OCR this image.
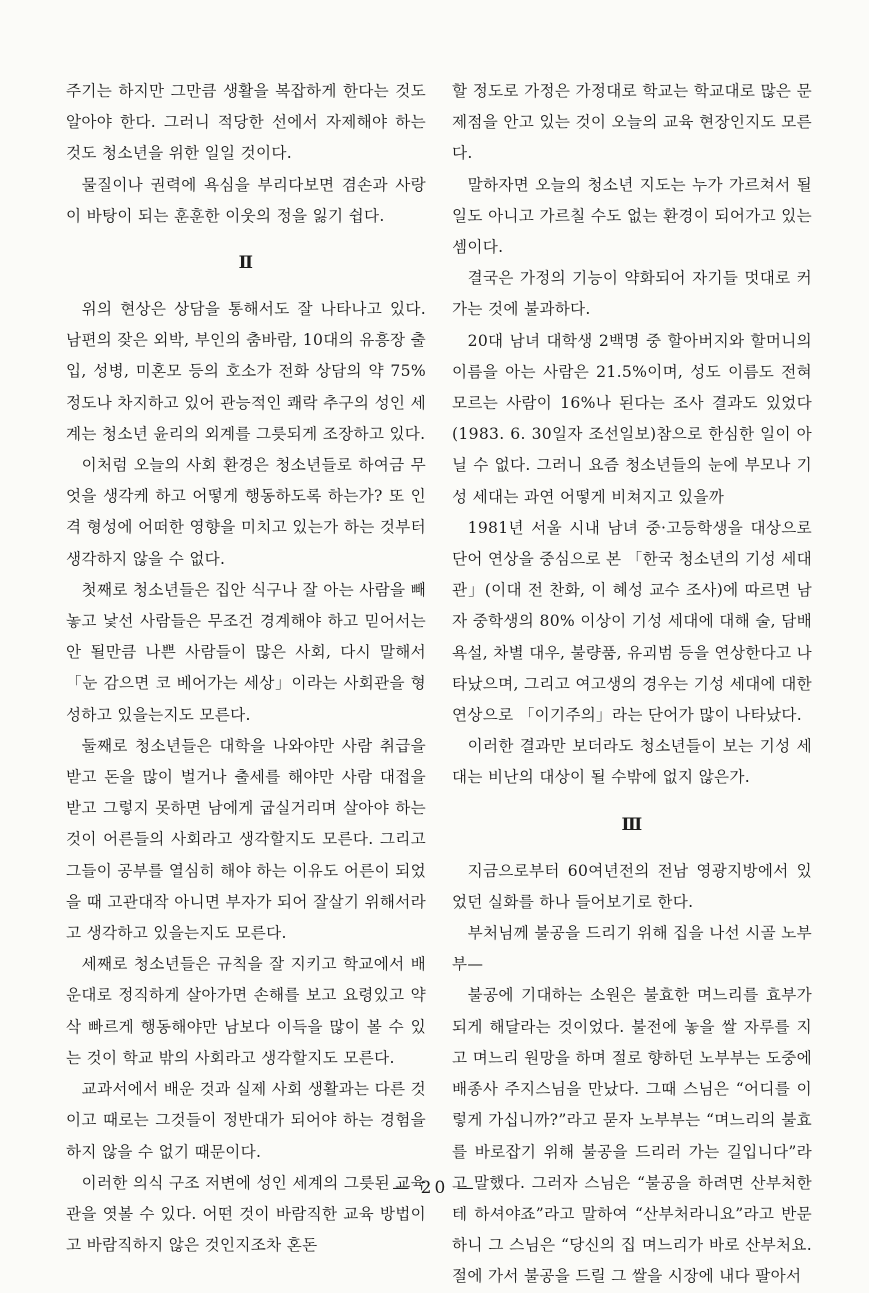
주기는 하지만 그만큼 생활을 복잡하게 한다는 것도 알아야 한다. 그러니 적당한 선에서 자제해야 하는 것도 청소년을 위한 일일 것이다.

물질이나 권력에 욕심을 부리다보면 겸손과 사랑이 바탕이 되는 훈훈한 이웃의 정을 잃기 쉽다.

Ⅱ

위의 현상은 상담을 통해서도 잘 나타나고 있다. 남편의 잦은 외박, 부인의 춤바람, 10대의 유흥장 출입, 성병, 미혼모 등의 호소가 전화 상담의 약 75% 정도나 차지하고 있어 관능적인 쾌락 추구의 성인 세계는 청소년 윤리의 외계를 그릇되게 조장하고 있다.

이처럼 오늘의 사회 환경은 청소년들로 하여금 무엇을 생각케 하고 어떻게 행동하도록 하는가? 또 인격 형성에 어떠한 영향을 미치고 있는가 하는 것부터 생각하지 않을 수 없다.

첫째로 청소년들은 집안 식구나 잘 아는 사람을 빼놓고 낯선 사람들은 무조건 경계해야 하고 믿어서는 안 될만큼 나쁜 사람들이 많은 사회, 다시 말해서 「눈 감으면 코 베어가는 세상」이라는 사회관을 형성하고 있을는지도 모른다.

둘째로 청소년들은 대학을 나와야만 사람 취급을 받고 돈을 많이 벌거나 출세를 해야만 사람 대접을 받고 그렇지 못하면 남에게 굽실거리며 살아야 하는 것이 어른들의 사회라고 생각할지도 모른다. 그리고 그들이 공부를 열심히 해야 하는 이유도 어른이 되었을 때 고관대작 아니면 부자가 되어 잘살기 위해서라고 생각하고 있을는지도 모른다.

세째로 청소년들은 규칙을 잘 지키고 학교에서 배운대로 정직하게 살아가면 손해를 보고 요령있고 약삭 빠르게 행동해야만 남보다 이득을 많이 볼 수 있는 것이 학교 밖의 사회라고 생각할지도 모른다.

교과서에서 배운 것과 실제 사회 생활과는 다른 것이고 때로는 그것들이 정반대가 되어야 하는 경험을 하지 않을 수 없기 때문이다.

이러한 의식 구조 저변에 성인 세계의 그릇된 교육관을 엿볼 수 있다. 어떤 것이 바람직한 교육 방법이고 바람직하지 않은 것인지조차 혼돈

할 정도로 가정은 가정대로 학교는 학교대로 많은 문제점을 안고 있는 것이 오늘의 교육 현장인지도 모른다.

말하자면 오늘의 청소년 지도는 누가 가르쳐서 될 일도 아니고 가르칠 수도 없는 환경이 되어가고 있는 셈이다.

결국은 가정의 기능이 약화되어 자기들 멋대로 커가는 것에 불과하다.

20대 남녀 대학생 2백명 중 할아버지와 할머니의 이름을 아는 사람은 21.5%이며, 성도 이름도 전혀 모르는 사람이 16%나 된다는 조사 결과도 있었다(1983. 6. 30일자 조선일보)참으로 한심한 일이 아닐 수 없다. 그러니 요즘 청소년들의 눈에 부모나 기성 세대는 과연 어떻게 비쳐지고 있을까

1981년 서울 시내 남녀 중·고등학생을 대상으로 단어 연상을 중심으로 본 「한국 청소년의 기성 세대관」(이대 전 찬화, 이 혜성 교수 조사)에 따르면 남자 중학생의 80% 이상이 기성 세대에 대해 술, 담배 욕설, 차별 대우, 불량품, 유괴범 등을 연상한다고 나타났으며, 그리고 여고생의 경우는 기성 세대에 대한 연상으로 「이기주의」라는 단어가 많이 나타났다.

이러한 결과만 보더라도 청소년들이 보는 기성 세대는 비난의 대상이 될 수밖에 없지 않은가.

Ⅲ

지금으로부터 60여년전의 전남 영광지방에서 있었던 실화를 하나 들어보기로 한다.

부처님께 불공을 드리기 위해 집을 나선 시골 노부부—

불공에 기대하는 소원은 불효한 며느리를 효부가 되게 해달라는 것이었다. 불전에 놓을 쌀 자루를 지고 며느리 원망을 하며 절로 향하던 노부부는 도중에 배종사 주지스님을 만났다. 그때 스님은 “어디를 이렇게 가십니까?”라고 묻자 노부부는 “며느리의 불효를 바로잡기 위해 불공을 드리러 가는 길입니다”라고 말했다. 그러자 스님은 “불공을 하려면 산부처한테 하셔야죠”라고 말하여 “산부처라니요”라고 반문하니 그 스님은 “당신의 집 며느리가 바로 산부처요. 절에 가서 불공을 드릴 그 쌀을 시장에 내다 팔아서

— 20 —
